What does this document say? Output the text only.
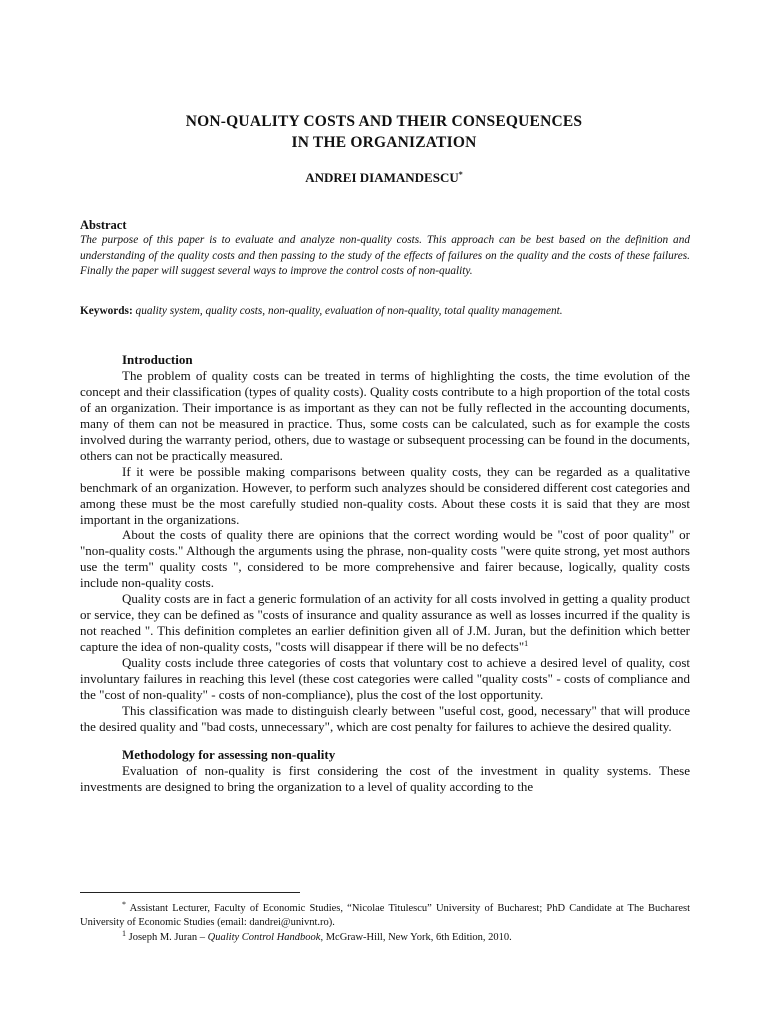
NON-QUALITY COSTS AND THEIR CONSEQUENCES
IN THE ORGANIZATION

ANDREI DIAMANDESCU*

Abstract

The purpose of this paper is to evaluate and analyze non-quality costs. This approach can be best based on the definition and understanding of the quality costs and then passing to the study of the effects of failures on the quality and the costs of these failures. Finally the paper will suggest several ways to improve the control costs of non-quality.

Keywords: quality system, quality costs, non-quality, evaluation of non-quality, total quality management.

Introduction

The problem of quality costs can be treated in terms of highlighting the costs, the time evolution of the concept and their classification (types of quality costs). Quality costs contribute to a high proportion of the total costs of an organization. Their importance is as important as they can not be fully reflected in the accounting documents, many of them can not be measured in practice. Thus, some costs can be calculated, such as for example the costs involved during the warranty period, others, due to wastage or subsequent processing can be found in the documents, others can not be practically measured.

If it were be possible making comparisons between quality costs, they can be regarded as a qualitative benchmark of an organization. However, to perform such analyzes should be considered different cost categories and among these must be the most carefully studied non-quality costs. About these costs it is said that they are most important in the organizations.

About the costs of quality there are opinions that the correct wording would be "cost of poor quality" or "non-quality costs." Although the arguments using the phrase, non-quality costs "were quite strong, yet most authors use the term" quality costs ", considered to be more comprehensive and fairer because, logically, quality costs include non-quality costs.

Quality costs are in fact a generic formulation of an activity for all costs involved in getting a quality product or service, they can be defined as "costs of insurance and quality assurance as well as losses incurred if the quality is not reached ". This definition completes an earlier definition given all of J.M. Juran, but the definition which better capture the idea of non-quality costs, "costs will disappear if there will be no defects"$^1$

Quality costs include three categories of costs that voluntary cost to achieve a desired level of quality, cost involuntary failures in reaching this level (these cost categories were called "quality costs" - costs of compliance and the "cost of non-quality" - costs of non-compliance), plus the cost of the lost opportunity.

This classification was made to distinguish clearly between "useful cost, good, necessary" that will produce the desired quality and "bad costs, unnecessary", which are cost penalty for failures to achieve the desired quality.

Methodology for assessing non-quality

Evaluation of non-quality is first considering the cost of the investment in quality systems. These investments are designed to bring the organization to a level of quality according to the

* Assistant Lecturer, Faculty of Economic Studies, “Nicolae Titulescu” University of Bucharest; PhD Candidate at The Bucharest University of Economic Studies (email: dandrei@univnt.ro).

$^1$ Joseph M. Juran – Quality Control Handbook, McGraw-Hill, New York, 6th Edition, 2010.
